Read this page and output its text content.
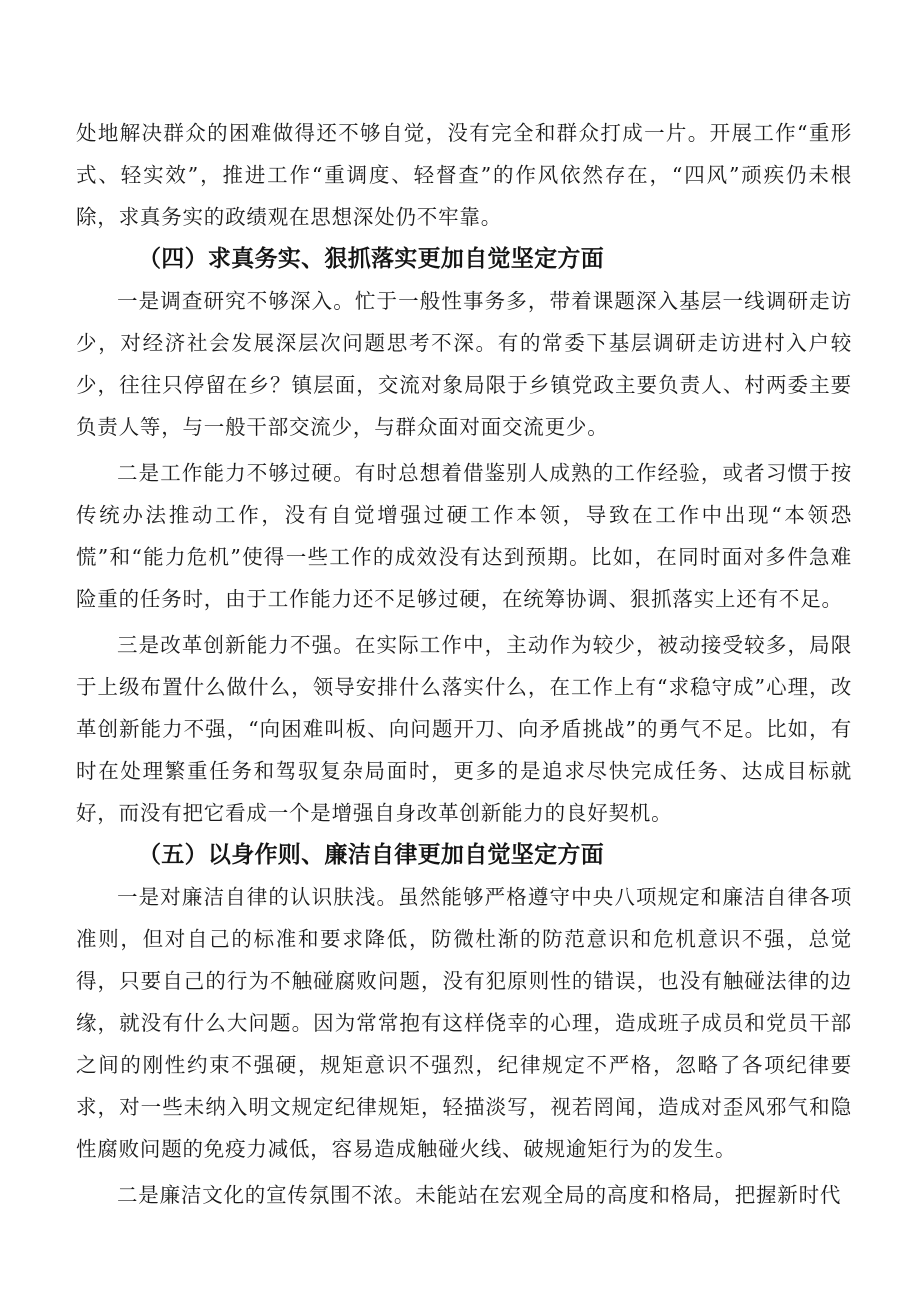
处地解决群众的困难做得还不够自觉，没有完全和群众打成一片。开展工作“重形式、轻实效”，推进工作“重调度、轻督查”的作风依然存在，“四风”顽疾仍未根除，求真务实的政绩观在思想深处仍不牢靠。

（四）求真务实、狠抓落实更加自觉坚定方面

一是调查研究不够深入。忙于一般性事务多，带着课题深入基层一线调研走访少，对经济社会发展深层次问题思考不深。有的常委下基层调研走访进村入户较少，往往只停留在乡？镇层面，交流对象局限于乡镇党政主要负责人、村两委主要负责人等，与一般干部交流少，与群众面对面交流更少。

二是工作能力不够过硬。有时总想着借鉴别人成熟的工作经验，或者习惯于按传统办法推动工作，没有自觉增强过硬工作本领，导致在工作中出现“本领恐慌”和“能力危机”使得一些工作的成效没有达到预期。比如，在同时面对多件急难险重的任务时，由于工作能力还不足够过硬，在统筹协调、狠抓落实上还有不足。

三是改革创新能力不强。在实际工作中，主动作为较少，被动接受较多，局限于上级布置什么做什么，领导安排什么落实什么，在工作上有“求稳守成”心理，改革创新能力不强，“向困难叫板、向问题开刀、向矛盾挑战”的勇气不足。比如，有时在处理繁重任务和驾驭复杂局面时，更多的是追求尽快完成任务、达成目标就好，而没有把它看成一个是增强自身改革创新能力的良好契机。

（五）以身作则、廉洁自律更加自觉坚定方面

一是对廉洁自律的认识肤浅。虽然能够严格遵守中央八项规定和廉洁自律各项准则，但对自己的标准和要求降低，防微杜渐的防范意识和危机意识不强，总觉得，只要自己的行为不触碰腐败问题，没有犯原则性的错误，也没有触碰法律的边缘，就没有什么大问题。因为常常抱有这样侥幸的心理，造成班子成员和党员干部之间的刚性约束不强硬，规矩意识不强烈，纪律规定不严格，忽略了各项纪律要求，对一些未纳入明文规定纪律规矩，轻描淡写，视若罔闻，造成对歪风邪气和隐性腐败问题的免疫力减低，容易造成触碰火线、破规逾矩行为的发生。

二是廉洁文化的宣传氛围不浓。未能站在宏观全局的高度和格局，把握新时代
